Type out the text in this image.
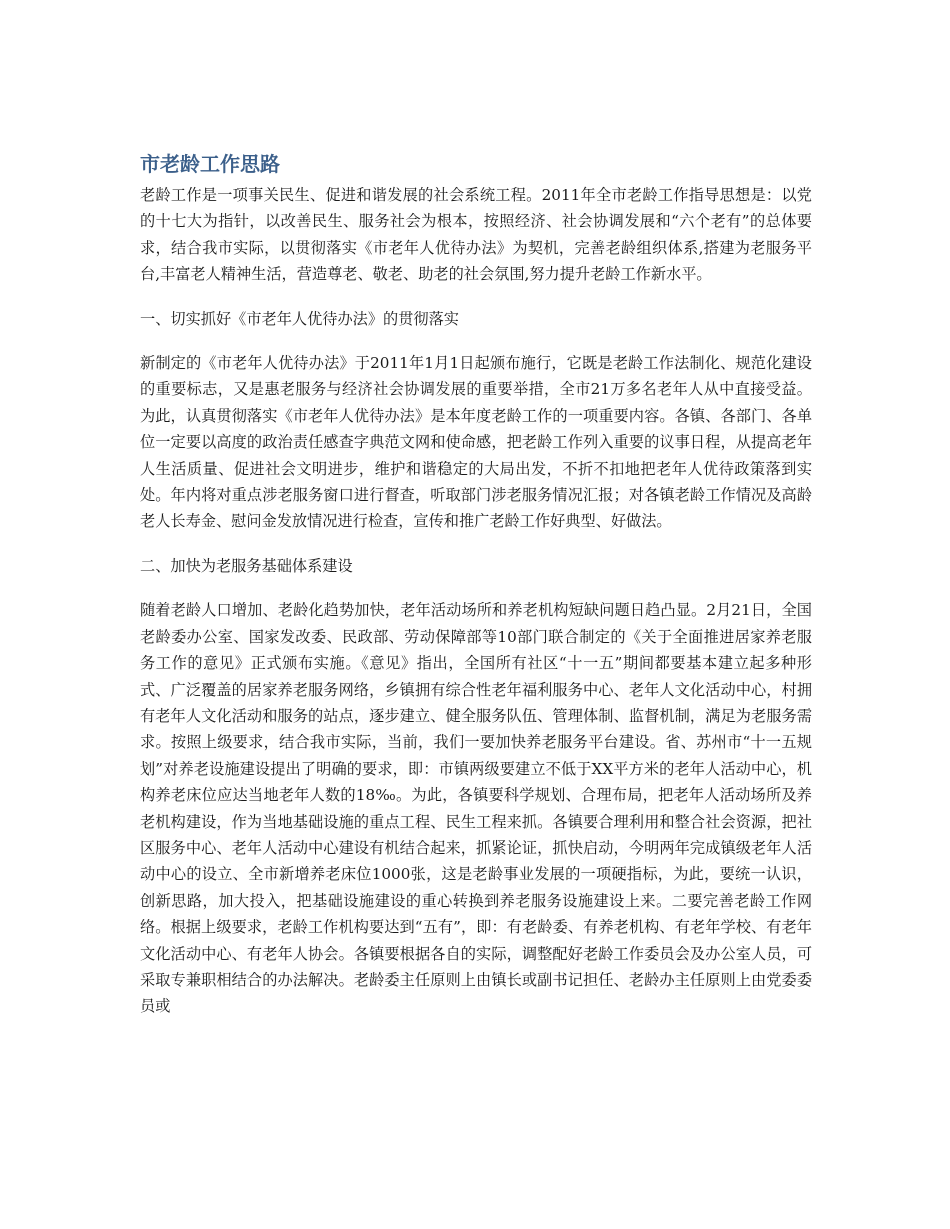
市老龄工作思路

老龄工作是一项事关民生、促进和谐发展的社会系统工程。2011年全市老龄工作指导思想是：以党的十七大为指针，以改善民生、服务社会为根本，按照经济、社会协调发展和“六个老有”的总体要求，结合我市实际，以贯彻落实《市老年人优待办法》为契机，完善老龄组织体系,搭建为老服务平台,丰富老人精神生活，营造尊老、敬老、助老的社会氛围,努力提升老龄工作新水平。

一、切实抓好《市老年人优待办法》的贯彻落实

新制定的《市老年人优待办法》于2011年1月1日起颁布施行，它既是老龄工作法制化、规范化建设的重要标志，又是惠老服务与经济社会协调发展的重要举措，全市21万多名老年人从中直接受益。为此，认真贯彻落实《市老年人优待办法》是本年度老龄工作的一项重要内容。各镇、各部门、各单位一定要以高度的政治责任感查字典范文网和使命感，把老龄工作列入重要的议事日程，从提高老年人生活质量、促进社会文明进步，维护和谐稳定的大局出发，不折不扣地把老年人优待政策落到实处。年内将对重点涉老服务窗口进行督查，听取部门涉老服务情况汇报；对各镇老龄工作情况及高龄老人长寿金、慰问金发放情况进行检查，宣传和推广老龄工作好典型、好做法。

二、加快为老服务基础体系建设

随着老龄人口增加、老龄化趋势加快，老年活动场所和养老机构短缺问题日趋凸显。2月21日，全国老龄委办公室、国家发改委、民政部、劳动保障部等10部门联合制定的《关于全面推进居家养老服务工作的意见》正式颁布实施。《意见》指出，全国所有社区“十一五”期间都要基本建立起多种形式、广泛覆盖的居家养老服务网络，乡镇拥有综合性老年福利服务中心、老年人文化活动中心，村拥有老年人文化活动和服务的站点，逐步建立、健全服务队伍、管理体制、监督机制，满足为老服务需求。按照上级要求，结合我市实际，当前，我们一要加快养老服务平台建设。省、苏州市“十一五规划”对养老设施建设提出了明确的要求，即：市镇两级要建立不低于XX平方米的老年人活动中心，机构养老床位应达当地老年人数的18‰。为此，各镇要科学规划、合理布局，把老年人活动场所及养老机构建设，作为当地基础设施的重点工程、民生工程来抓。各镇要合理利用和整合社会资源，把社区服务中心、老年人活动中心建设有机结合起来，抓紧论证，抓快启动，今明两年完成镇级老年人活动中心的设立、全市新增养老床位1000张，这是老龄事业发展的一项硬指标，为此，要统一认识，创新思路，加大投入，把基础设施建设的重心转换到养老服务设施建设上来。二要完善老龄工作网络。根据上级要求，老龄工作机构要达到“五有”，即：有老龄委、有养老机构、有老年学校、有老年文化活动中心、有老年人协会。各镇要根据各自的实际，调整配好老龄工作委员会及办公室人员，可采取专兼职相结合的办法解决。老龄委主任原则上由镇长或副书记担任、老龄办主任原则上由党委委员或
